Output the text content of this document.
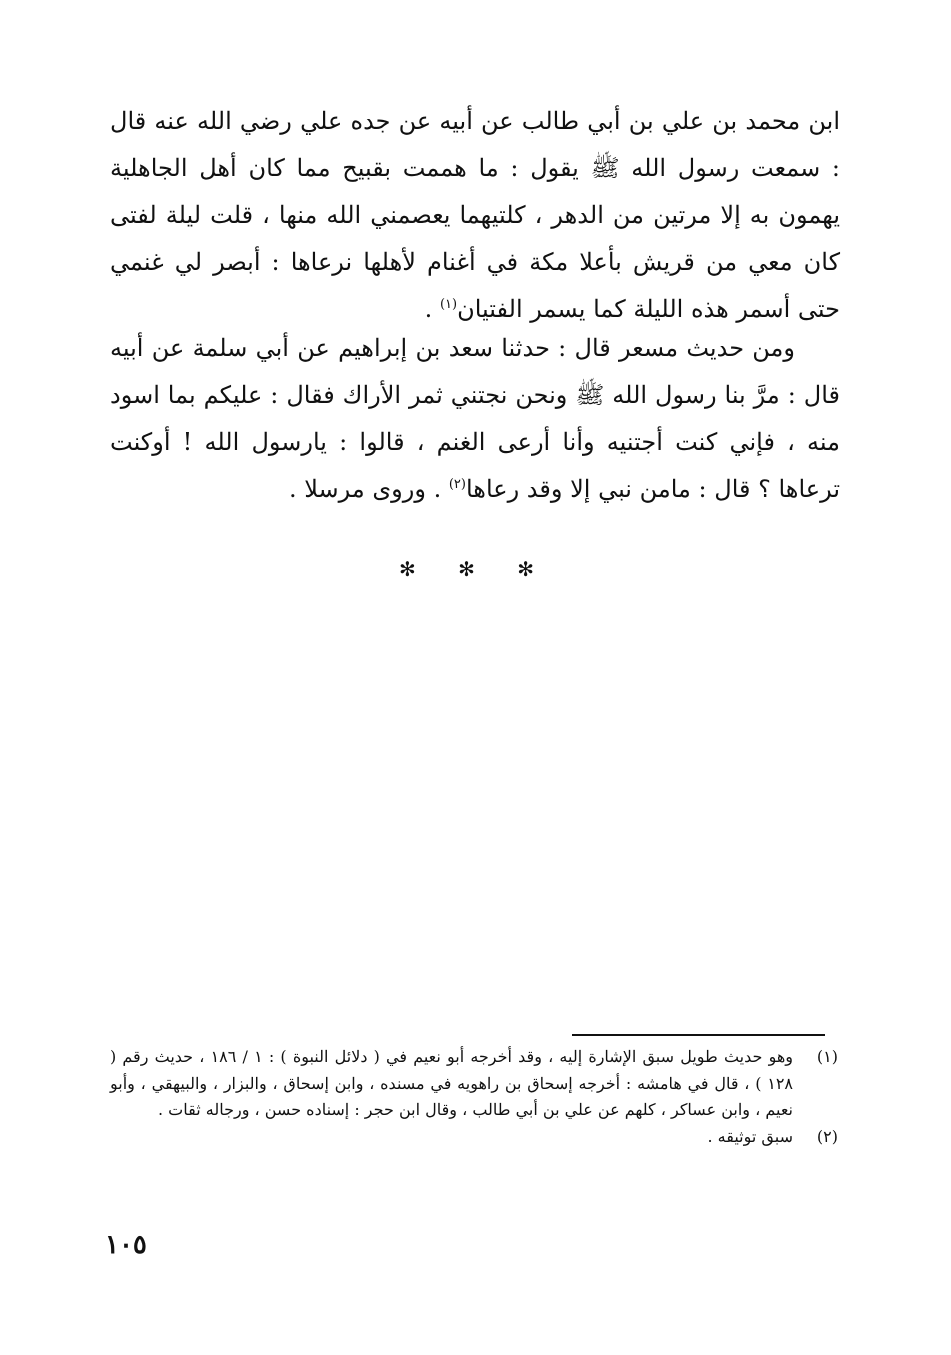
ابن محمد بن علي بن أبي طالب عن أبيه عن جده علي رضي الله عنه قال : سمعت رسول الله ﷺ يقول : ما هممت بقبيح مما كان أهل الجاهلية يهمون به إلا مرتين من الدهر ، كلتيهما يعصمني الله منها ، قلت ليلة لفتى كان معي من قريش بأعلا مكة في أغنام لأهلها نرعاها : أبصر لي غنمي حتى أسمر هذه الليلة كما يسمر الفتيان$^{(١)}$ .

ومن حديث مسعر قال : حدثنا سعد بن إبراهيم عن أبي سلمة عن أبيه قال : مرَّ بنا رسول الله ﷺ ونحن نجتني ثمر الأراك فقال : عليكم بما اسود منه ، فإني كنت أجتنيه وأنا أرعى الغنم ، قالوا : يارسول الله ! أوكنت ترعاها ؟ قال : مامن نبي إلا وقد رعاها$^{(٢)}$ . وروى مرسلا .

✻ ✻ ✻
(١)
وهو حديث طويل سبق الإشارة إليه ، وقد أخرجه أبو نعيم في ( دلائل النبوة ) : ١ / ١٨٦ ، حديث رقم ( ١٢٨ ) ، قال في هامشه : أخرجه إسحاق بن راهويه في مسنده ، وابن إسحاق ، والبزار ، والبيهقي ، وأبو نعيم ، وابن عساكر ، كلهم عن علي بن أبي طالب ، وقال ابن حجر : إسناده حسن ، ورجاله ثقات .
(٢)
سبق توثيقه .
١٠٥
